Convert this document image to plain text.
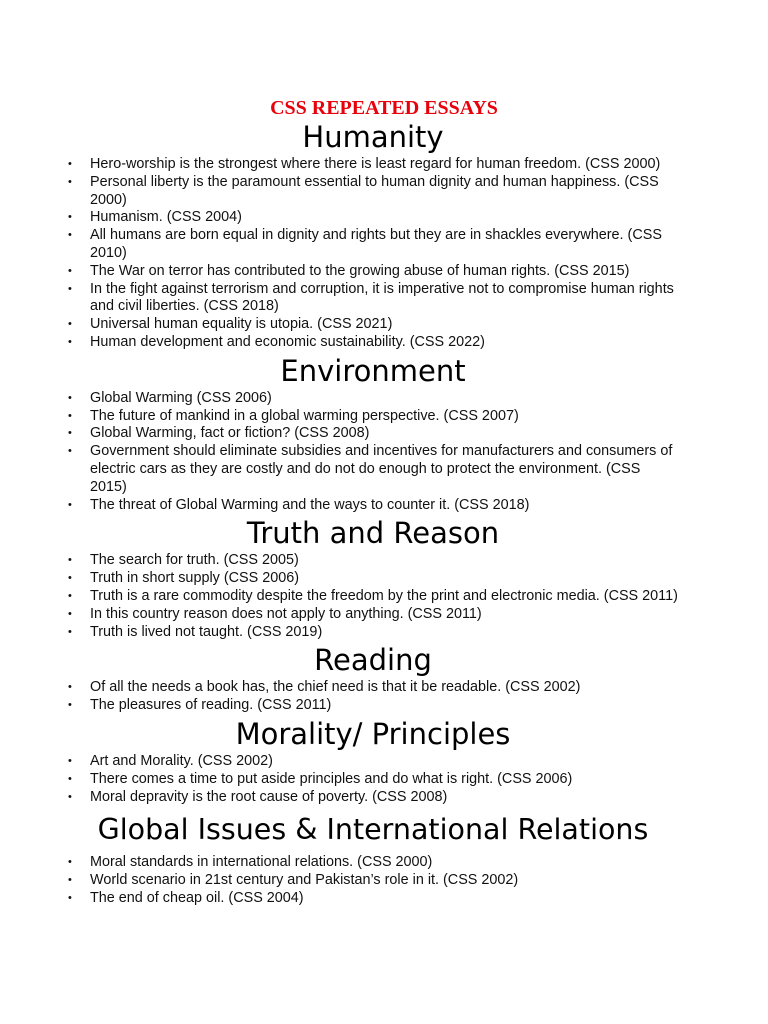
CSS REPEATED ESSAYS
Humanity
•	Hero-worship is the strongest where there is least regard for human freedom. (CSS 2000)
•	Personal liberty is the paramount essential to human dignity and human happiness. (CSS 2000)
•	Humanism. (CSS 2004)
•	All humans are born equal in dignity and rights but they are in shackles everywhere. (CSS 2010)
•	The War on terror has contributed to the growing abuse of human rights. (CSS 2015)
•	In the fight against terrorism and corruption, it is imperative not to compromise human rights and civil liberties. (CSS 2018)
•	Universal human equality is utopia. (CSS 2021)
•	Human development and economic sustainability. (CSS 2022)
Environment
•	Global Warming (CSS 2006)
•	The future of mankind in a global warming perspective. (CSS 2007)
•	Global Warming, fact or fiction? (CSS 2008)
•	Government should eliminate subsidies and incentives for manufacturers and consumers of electric cars as they are costly and do not do enough to protect the environment. (CSS 2015)
•	The threat of Global Warming and the ways to counter it. (CSS 2018)
Truth and Reason
•	The search for truth. (CSS 2005)
•	Truth in short supply (CSS 2006)
•	Truth is a rare commodity despite the freedom by the print and electronic media. (CSS 2011)
•	In this country reason does not apply to anything. (CSS 2011)
•	Truth is lived not taught. (CSS 2019)
Reading
•	Of all the needs a book has, the chief need is that it be readable. (CSS 2002)
•	The pleasures of reading. (CSS 2011)
Morality/ Principles
•	Art and Morality. (CSS 2002)
•	There comes a time to put aside principles and do what is right. (CSS 2006)
•	Moral depravity is the root cause of poverty. (CSS 2008)
Global Issues & International Relations
•	Moral standards in international relations. (CSS 2000)
•	World scenario in 21st century and Pakistan’s role in it. (CSS 2002)
•	The end of cheap oil. (CSS 2004)
